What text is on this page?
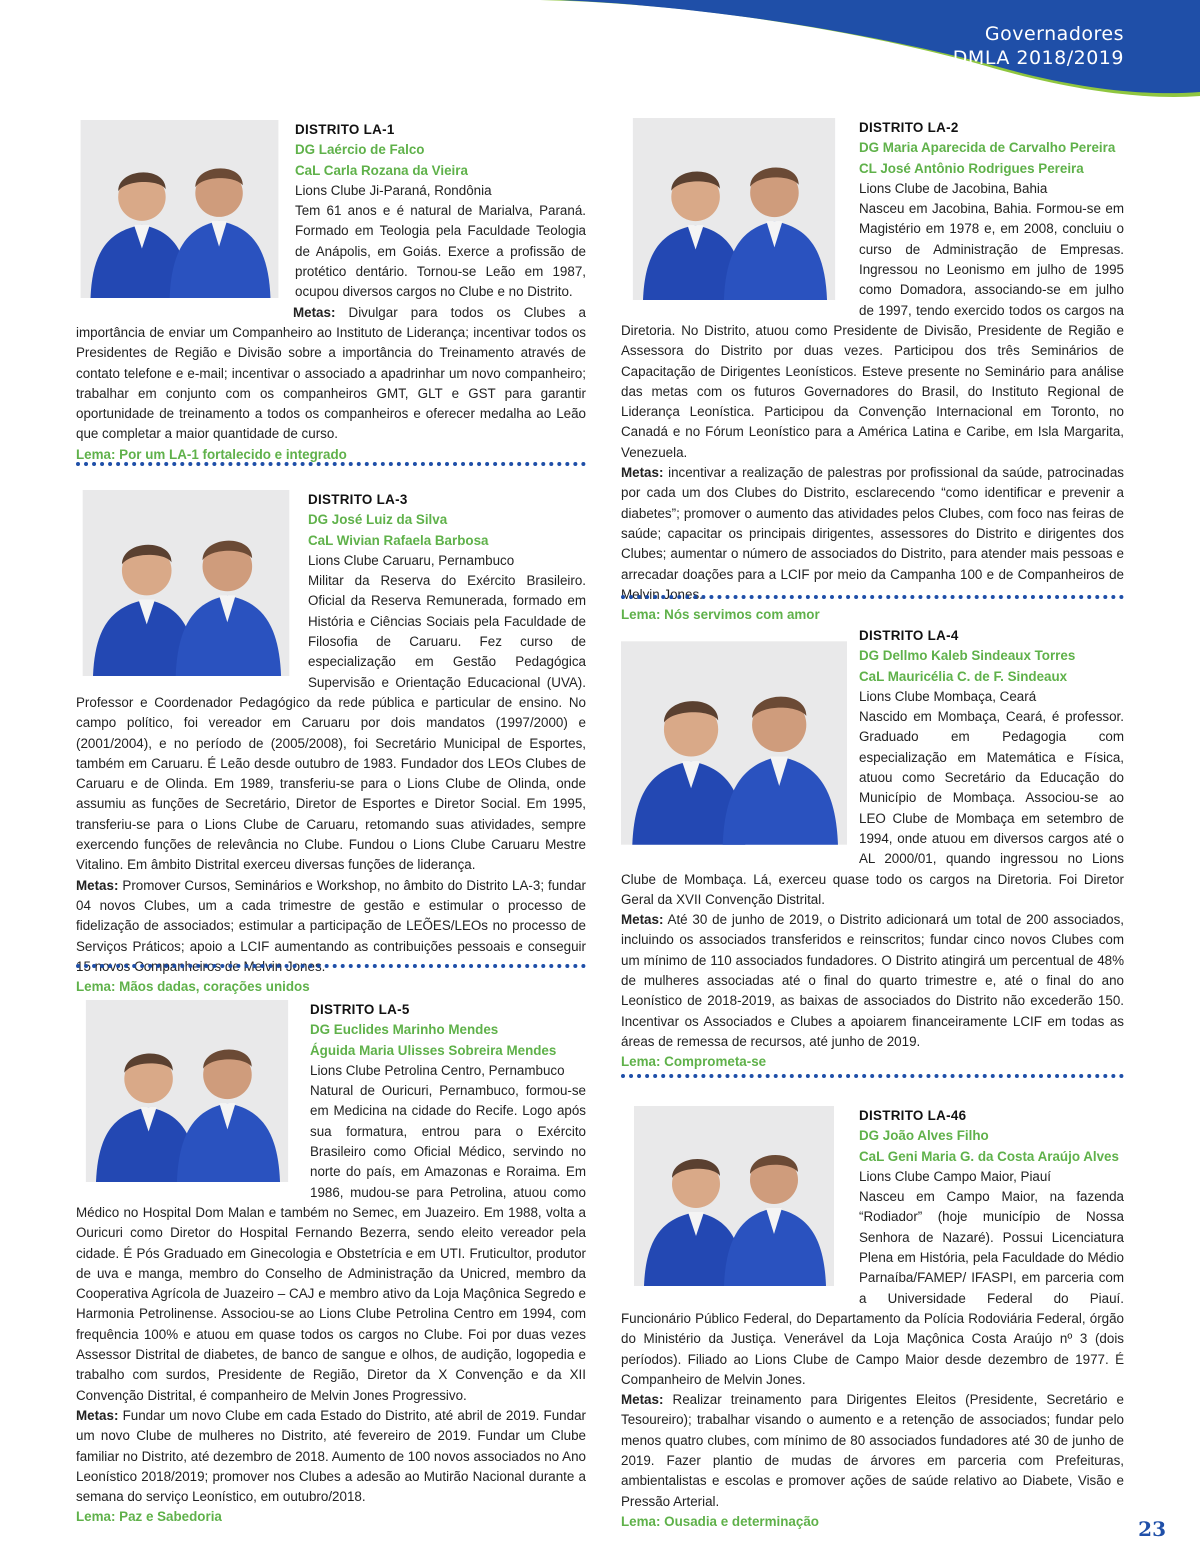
Governadores
DMLA 2018/2019

DISTRITO LA-1

DG Laércio de Falco

CaL Carla Rozana da Vieira

Lions Clube Ji-Paraná, Rondônia

Tem 61 anos e é natural de Marialva, Paraná. Formado em Teologia pela Faculdade Teologia de Anápolis, em Goiás. Exerce a profissão de protético dentário. Tornou-se Leão em 1987, ocupou diversos cargos no Clube e no Distrito.

Metas: Divulgar para todos os Clubes a importância de enviar um Companheiro ao Instituto de Liderança; incentivar todos os Presidentes de Região e Divisão sobre a importância do Treinamento através de contato telefone e e-mail; incentivar o associado a apadrinhar um novo companheiro; trabalhar em conjunto com os companheiros GMT, GLT e GST para garantir oportunidade de treinamento a todos os companheiros e oferecer medalha ao Leão que completar a maior quantidade de curso.

Lema: Por um LA-1 fortalecido e integrado

DISTRITO LA-3

DG José Luiz da Silva

CaL Wivian Rafaela Barbosa

Lions Clube Caruaru, Pernambuco

Militar da Reserva do Exército Brasileiro. Oficial da Reserva Remunerada, formado em História e Ciências Sociais pela Faculdade de Filosofia de Caruaru. Fez curso de especialização em Gestão Pedagógica Supervisão e Orientação Educacional (UVA). Professor e Coordenador Pedagógico da rede pública e particular de ensino. No campo político, foi vereador em Caruaru por dois mandatos (1997/2000) e (2001/2004), e no período de (2005/2008), foi Secretário Municipal de Esportes, também em Caruaru. É Leão desde outubro de 1983. Fundador dos LEOs Clubes de Caruaru e de Olinda. Em 1989, transferiu-se para o Lions Clube de Olinda, onde assumiu as funções de Secretário, Diretor de Esportes e Diretor Social. Em 1995, transferiu-se para o Lions Clube de Caruaru, retomando suas atividades, sempre exercendo funções de relevância no Clube. Fundou o Lions Clube Caruaru Mestre Vitalino. Em âmbito Distrital exerceu diversas funções de liderança.

Metas: Promover Cursos, Seminários e Workshop, no âmbito do Distrito LA-3; fundar 04 novos Clubes, um a cada trimestre de gestão e estimular o processo de fidelização de associados; estimular a participação de LEÕES/LEOs no processo de Serviços Práticos; apoio a LCIF aumentando as contribuições pessoais e conseguir 15 novos Companheiros de Melvin Jones.

Lema: Mãos dadas, corações unidos

DISTRITO LA-5

DG Euclides Marinho Mendes

Águida Maria Ulisses Sobreira Mendes

Lions Clube Petrolina Centro, Pernambuco

Natural de Ouricuri, Pernambuco, formou-se em Medicina na cidade do Recife. Logo após sua formatura, entrou para o Exército Brasileiro como Oficial Médico, servindo no norte do país, em Amazonas e Roraima. Em 1986, mudou-se para Petrolina, atuou como Médico no Hospital Dom Malan e também no Semec, em Juazeiro. Em 1988, volta a Ouricuri como Diretor do Hospital Fernando Bezerra, sendo eleito vereador pela cidade. É Pós Graduado em Ginecologia e Obstetrícia e em UTI. Fruticultor, produtor de uva e manga, membro do Conselho de Administração da Unicred, membro da Cooperativa Agrícola de Juazeiro – CAJ e membro ativo da Loja Maçônica Segredo e Harmonia Petrolinense. Associou-se ao Lions Clube Petrolina Centro em 1994, com frequência 100% e atuou em quase todos os cargos no Clube. Foi por duas vezes Assessor Distrital de diabetes, de banco de sangue e olhos, de audição, logopedia e trabalho com surdos, Presidente de Região, Diretor da X Convenção e da XII Convenção Distrital, é companheiro de Melvin Jones Progressivo.

Metas: Fundar um novo Clube em cada Estado do Distrito, até abril de 2019. Fundar um novo Clube de mulheres no Distrito, até fevereiro de 2019. Fundar um Clube familiar no Distrito, até dezembro de 2018. Aumento de 100 novos associados no Ano Leonístico 2018/2019; promover nos Clubes a adesão ao Mutirão Nacional durante a semana do serviço Leonístico, em outubro/2018.

Lema: Paz e Sabedoria

DISTRITO LA-2

DG Maria Aparecida de Carvalho Pereira

CL José Antônio Rodrigues Pereira

Lions Clube de Jacobina, Bahia

Nasceu em Jacobina, Bahia. Formou-se em Magistério em 1978 e, em 2008, concluiu o curso de Administração de Empresas. Ingressou no Leonismo em julho de 1995 como Domadora, associando-se em julho de 1997, tendo exercido todos os cargos na Diretoria. No Distrito, atuou como Presidente de Divisão, Presidente de Região e Assessora do Distrito por duas vezes. Participou dos três Seminários de Capacitação de Dirigentes Leonísticos. Esteve presente no Seminário para análise das metas com os futuros Governadores do Brasil, do Instituto Regional de Liderança Leonística. Participou da Convenção Internacional em Toronto, no Canadá e no Fórum Leonístico para a América Latina e Caribe, em Isla Margarita, Venezuela.

Metas: incentivar a realização de palestras por profissional da saúde, patrocinadas por cada um dos Clubes do Distrito, esclarecendo “como identificar e prevenir a diabetes”; promover o aumento das atividades pelos Clubes, com foco nas feiras de saúde; capacitar os principais dirigentes, assessores do Distrito e dirigentes dos Clubes; aumentar o número de associados do Distrito, para atender mais pessoas e arrecadar doações para a LCIF por meio da Campanha 100 e de Companheiros de Melvin Jones.

Lema: Nós servimos com amor

DISTRITO LA-4

DG Dellmo Kaleb Sindeaux Torres

CaL Mauricélia C. de F. Sindeaux

Lions Clube Mombaça, Ceará

Nascido em Mombaça, Ceará, é professor. Graduado em Pedagogia com especialização em Matemática e Física, atuou como Secretário da Educação do Município de Mombaça. Associou-se ao LEO Clube de Mombaça em setembro de 1994, onde atuou em diversos cargos até o AL 2000/01, quando ingressou no Lions Clube de Mombaça. Lá, exerceu quase todo os cargos na Diretoria. Foi Diretor Geral da XVII Convenção Distrital.

Metas: Até 30 de junho de 2019, o Distrito adicionará um total de 200 associados, incluindo os associados transferidos e reinscritos; fundar cinco novos Clubes com um mínimo de 110 associados fundadores. O Distrito atingirá um percentual de 48% de mulheres associadas até o final do quarto trimestre e, até o final do ano Leonístico de 2018-2019, as baixas de associados do Distrito não excederão 150. Incentivar os Associados e Clubes a apoiarem financeiramente LCIF em todas as áreas de remessa de recursos, até junho de 2019.

Lema: Comprometa-se

DISTRITO LA-46

DG João Alves Filho

CaL Geni Maria G. da Costa Araújo Alves

Lions Clube Campo Maior, Piauí

Nasceu em Campo Maior, na fazenda “Rodiador” (hoje município de Nossa Senhora de Nazaré). Possui Licenciatura Plena em História, pela Faculdade do Médio Parnaíba/FAMEP/ IFASPI, em parceria com a Universidade Federal do Piauí. Funcionário Público Federal, do Departamento da Polícia Rodoviária Federal, órgão do Ministério da Justiça. Venerável da Loja Maçônica Costa Araújo nº 3 (dois períodos). Filiado ao Lions Clube de Campo Maior desde dezembro de 1977. É Companheiro de Melvin Jones.

Metas: Realizar treinamento para Dirigentes Eleitos (Presidente, Secretário e Tesoureiro); trabalhar visando o aumento e a retenção de associados; fundar pelo menos quatro clubes, com mínimo de 80 associados fundadores até 30 de junho de 2019. Fazer plantio de mudas de árvores em parceria com Prefeituras, ambientalistas e escolas e promover ações de saúde relativo ao Diabete, Visão e Pressão Arterial.

Lema: Ousadia e determinação	23
